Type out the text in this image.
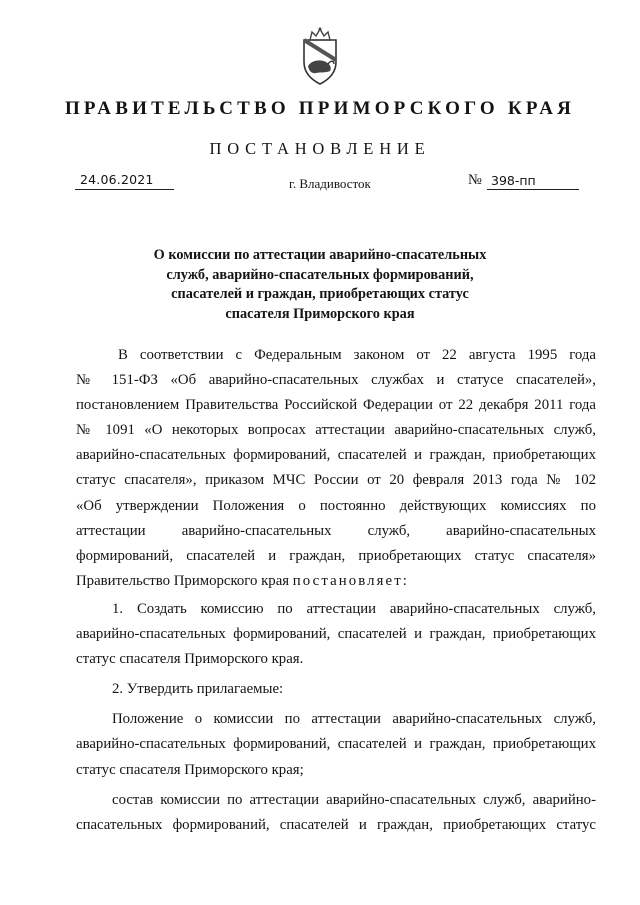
ПРАВИТЕЛЬСТВО ПРИМОРСКОГО КРАЯ
ПОСТАНОВЛЕНИЕ
24.06.2021	г. Владивосток	№ 398-пп
О комиссии по аттестации аварийно-спасательных
служб, аварийно-спасательных формирований,
спасателей и граждан, приобретающих статус
спасателя Приморского края
В соответствии с Федеральным законом от 22 августа 1995 года
№ 151-ФЗ «Об аварийно-спасательных службах и статусе спасателей»,
постановлением Правительства Российской Федерации от 22 декабря 2011 года
№ 1091 «О некоторых вопросах аттестации аварийно-спасательных служб,
аварийно-спасательных формирований, спасателей и граждан, приобретающих
статус спасателя», приказом МЧС России от 20 февраля 2013 года № 102
«Об утверждении Положения о постоянно действующих комиссиях по
аттестации аварийно-спасательных служб, аварийно-спасательных
формирований, спасателей и граждан, приобретающих статус спасателя»
Правительство Приморского края постановляет:
1. Создать комиссию по аттестации аварийно-спасательных служб,
аварийно-спасательных формирований, спасателей и граждан, приобретающих
статус спасателя Приморского края.
2. Утвердить прилагаемые:
Положение о комиссии по аттестации аварийно-спасательных служб,
аварийно-спасательных формирований, спасателей и граждан, приобретающих
статус спасателя Приморского края;
состав комиссии по аттестации аварийно-спасательных служб, аварийно-
спасательных формирований, спасателей и граждан, приобретающих статус
